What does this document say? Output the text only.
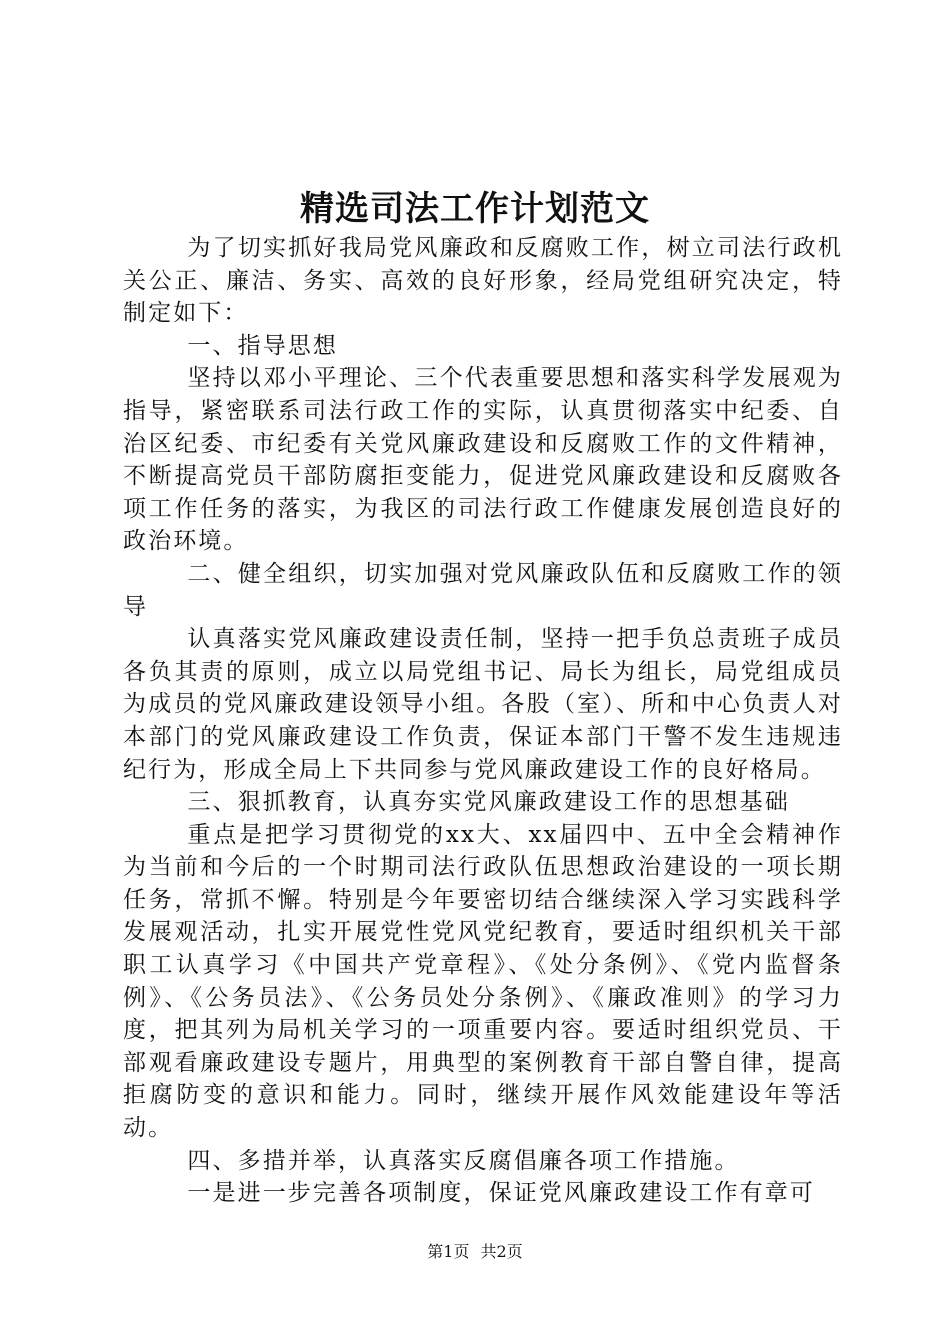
精选司法工作计划范文

为了切实抓好我局党风廉政和反腐败工作，树立司法行政机关公正、廉洁、务实、高效的良好形象，经局党组研究决定，特制定如下：

一、指导思想

坚持以邓小平理论、三个代表重要思想和落实科学发展观为指导，紧密联系司法行政工作的实际，认真贯彻落实中纪委、自治区纪委、市纪委有关党风廉政建设和反腐败工作的文件精神，不断提高党员干部防腐拒变能力，促进党风廉政建设和反腐败各项工作任务的落实，为我区的司法行政工作健康发展创造良好的政治环境。

二、健全组织，切实加强对党风廉政队伍和反腐败工作的领导

认真落实党风廉政建设责任制，坚持一把手负总责班子成员各负其责的原则，成立以局党组书记、局长为组长，局党组成员为成员的党风廉政建设领导小组。各股（室）、所和中心负责人对本部门的党风廉政建设工作负责，保证本部门干警不发生违规违纪行为，形成全局上下共同参与党风廉政建设工作的良好格局。

三、狠抓教育，认真夯实党风廉政建设工作的思想基础

重点是把学习贯彻党的xx大、xx届四中、五中全会精神作为当前和今后的一个时期司法行政队伍思想政治建设的一项长期任务，常抓不懈。特别是今年要密切结合继续深入学习实践科学发展观活动，扎实开展党性党风党纪教育，要适时组织机关干部职工认真学习《中国共产党章程》、《处分条例》、《党内监督条例》、《公务员法》、《公务员处分条例》、《廉政准则》的学习力度，把其列为局机关学习的一项重要内容。要适时组织党员、干部观看廉政建设专题片，用典型的案例教育干部自警自律，提高拒腐防变的意识和能力。同时，继续开展作风效能建设年等活动。

四、多措并举，认真落实反腐倡廉各项工作措施。

一是进一步完善各项制度，保证党风廉政建设工作有章可

第1页 共2页
